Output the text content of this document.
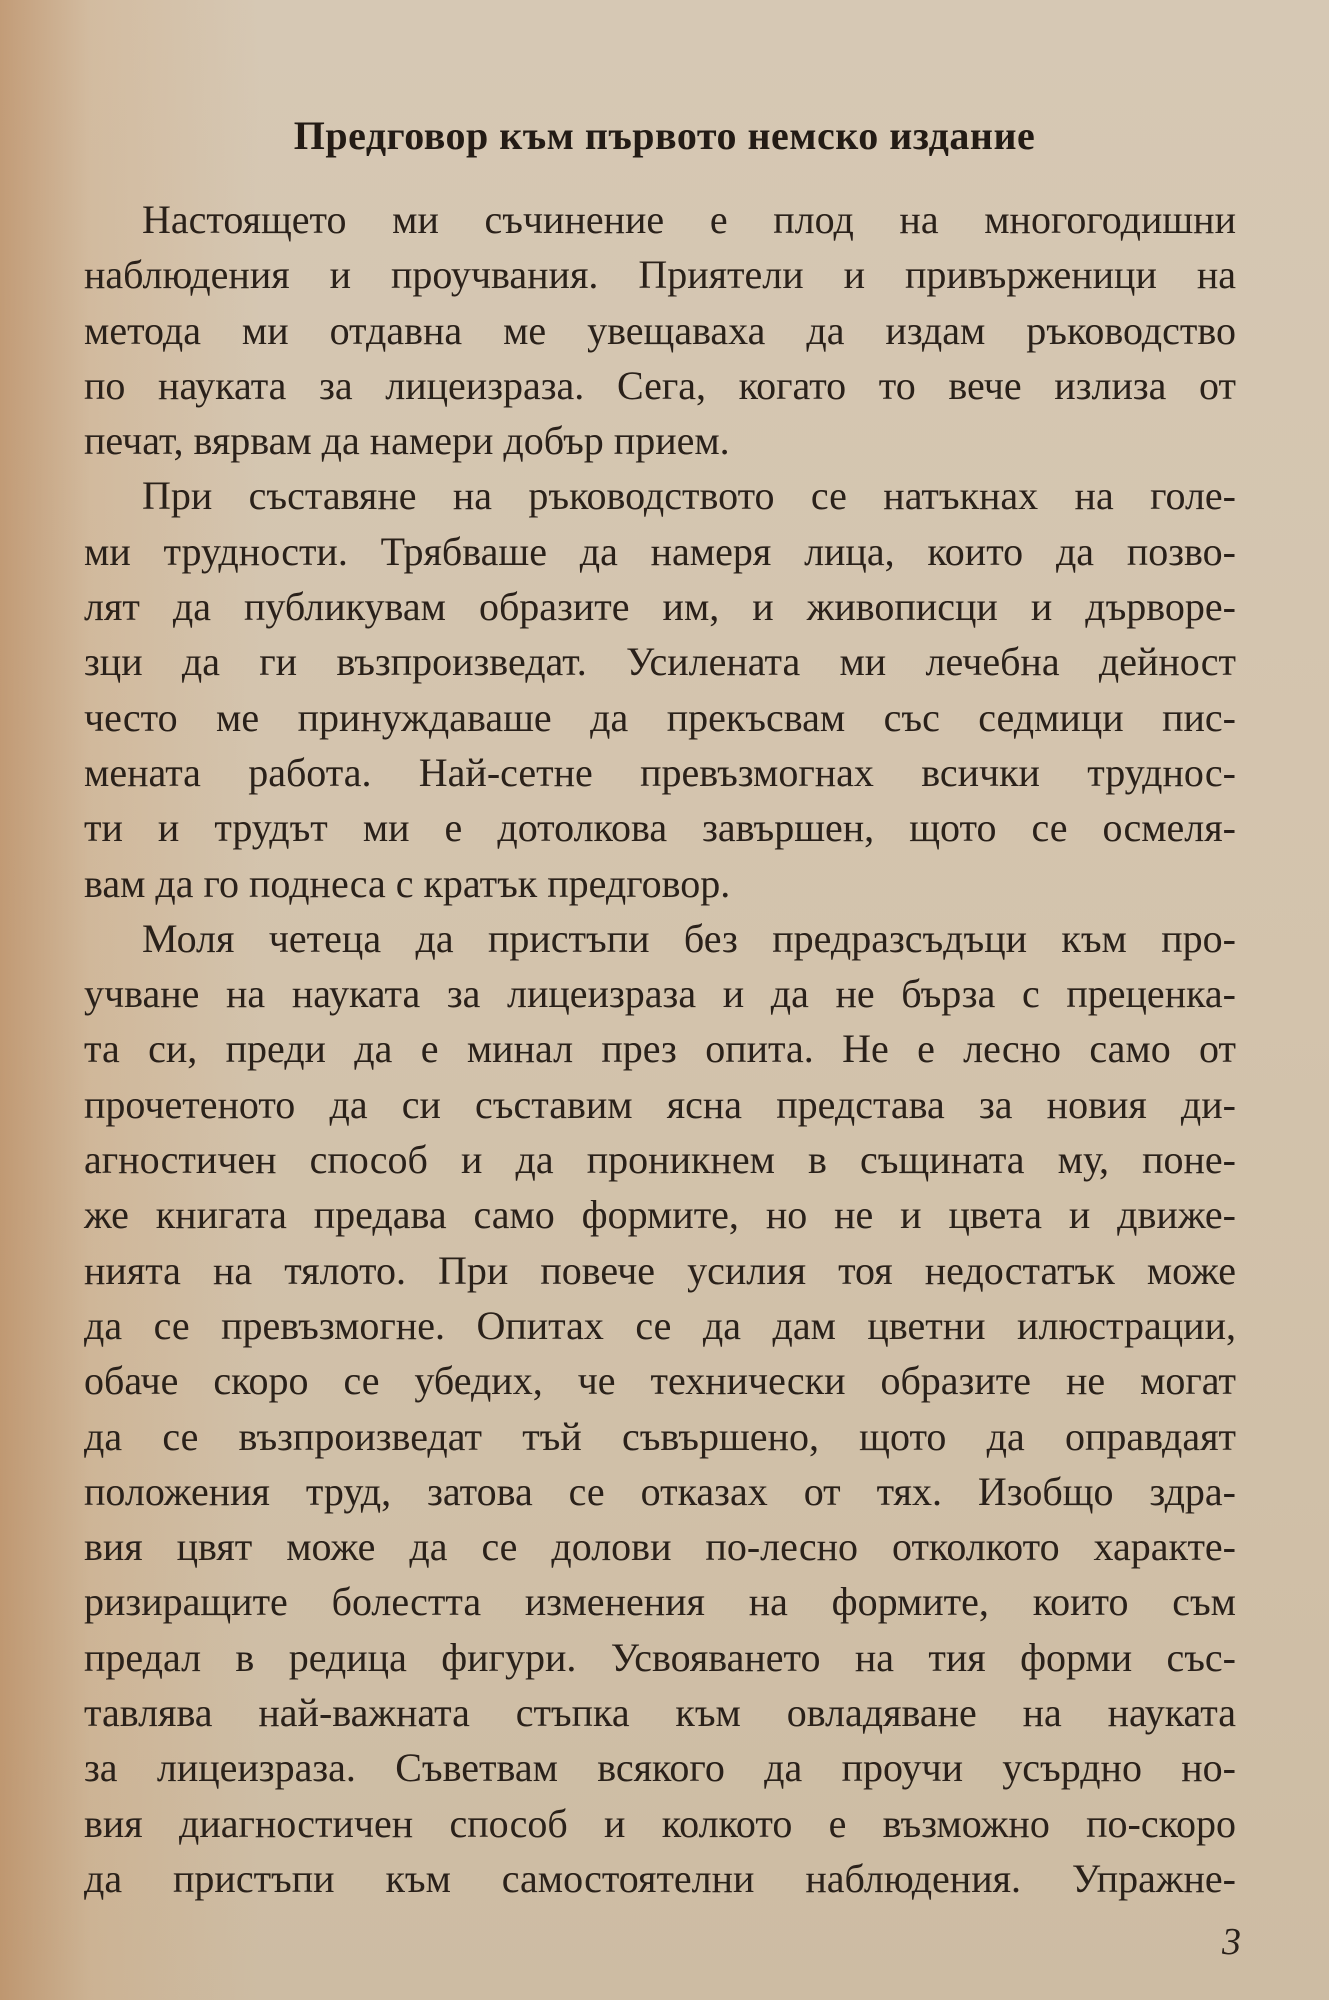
Предговор към първото немско издание
Настоящето ми съчинение е плод на многогодишни
наблюдения и проучвания. Приятели и привърженици на
метода ми отдавна ме увещаваха да издам ръководство
по науката за лицеизраза. Сега, когато то вече излиза от
печат, вярвам да намери добър прием.
При съставяне на ръководството се натъкнах на голе-
ми трудности. Трябваше да намеря лица, които да позво-
лят да публикувам образите им, и живописци и дърворе-
зци да ги възпроизведат. Усилената ми лечебна дейност
често ме принуждаваше да прекъсвам със седмици пис-
мената работа. Най-сетне превъзмогнах всички труднос-
ти и трудът ми е дотолкова завършен, щото се осмеля-
вам да го поднеса с кратък предговор.
Моля четеца да пристъпи без предразсъдъци към про-
учване на науката за лицеизраза и да не бърза с преценка-
та си, преди да е минал през опита. Не е лесно само от
прочетеното да си съставим ясна представа за новия ди-
агностичен способ и да проникнем в същината му, поне-
же книгата предава само формите, но не и цвета и движе-
нията на тялото. При повече усилия тоя недостатък може
да се превъзмогне. Опитах се да дам цветни илюстрации,
обаче скоро се убедих, че технически образите не могат
да се възпроизведат тъй съвършено, щото да оправдаят
положения труд, затова се отказах от тях. Изобщо здра-
вия цвят може да се долови по-лесно отколкото характе-
ризиращите болестта изменения на формите, които съм
предал в редица фигури. Усвояването на тия форми със-
тавлява най-важната стъпка към овладяване на науката
за лицеизраза. Съветвам всякого да проучи усърдно но-
вия диагностичен способ и колкото е възможно по-скоро
да пристъпи към самостоятелни наблюдения. Упражне-
3
